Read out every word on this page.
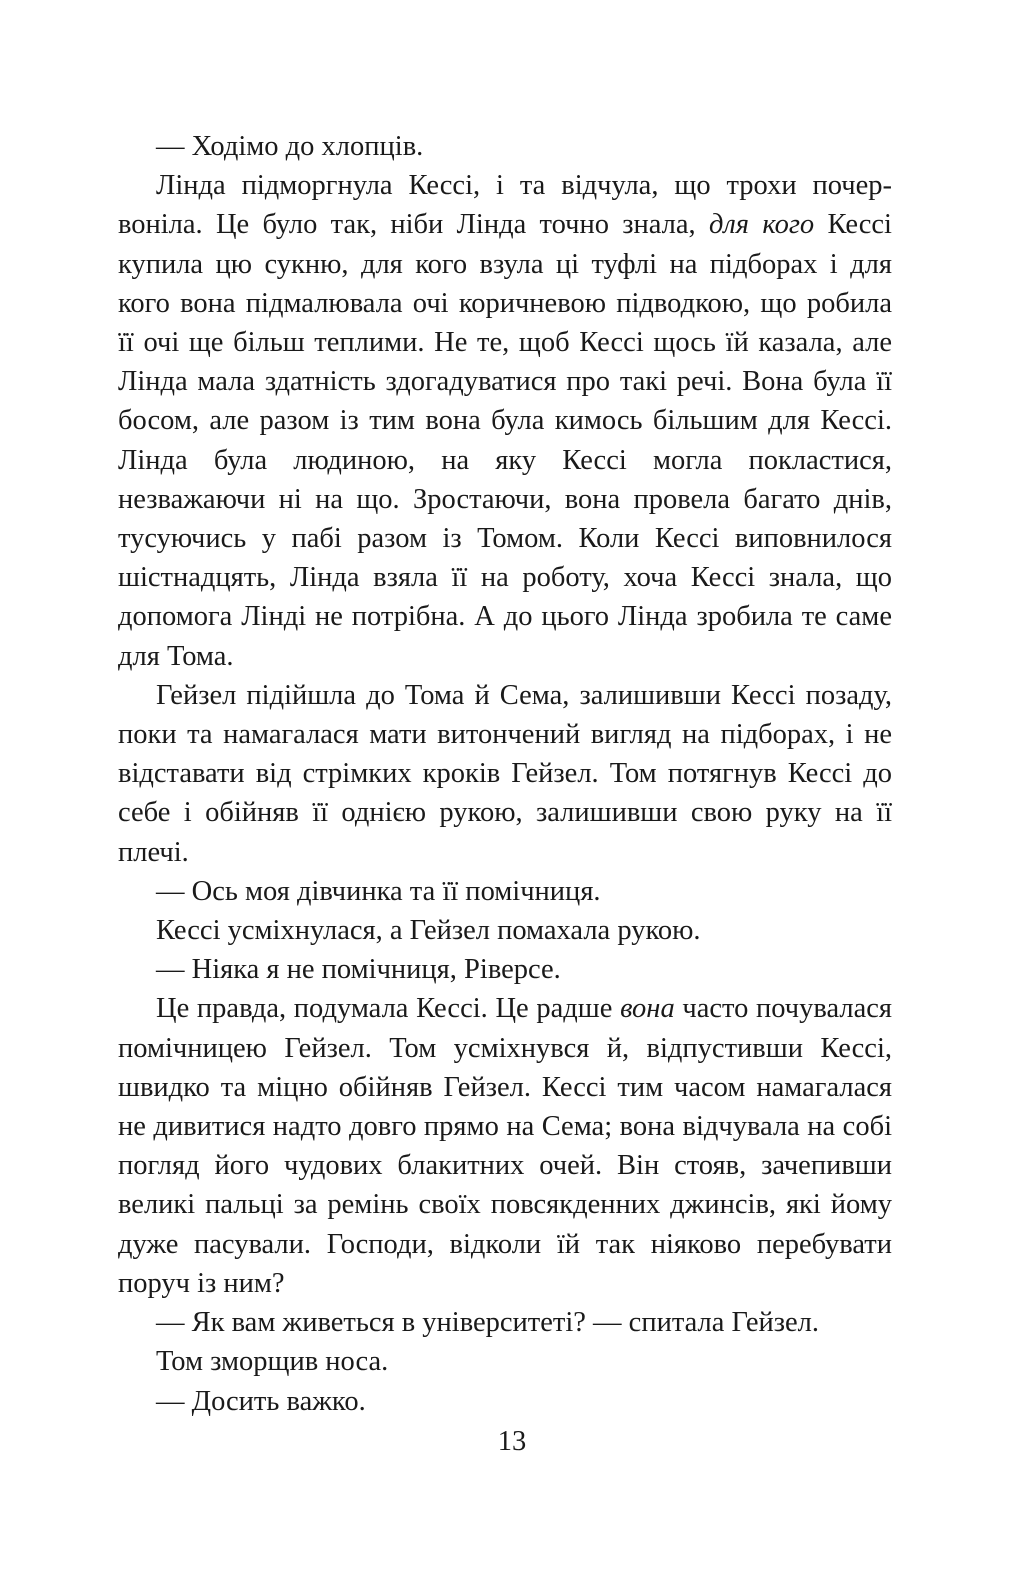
— Ходімо до хлопців.

Лінда підморгнула Кессі, і та відчула, що трохи почервоніла. Це було так, ніби Лінда точно знала, для кого Кессі купила цю сукню, для кого взула ці туфлі на підборах і для кого вона підмалювала очі коричневою підводкою, що робила її очі ще більш теплими. Не те, щоб Кессі щось їй казала, але Лінда мала здатність здогадуватися про такі речі. Вона була її босом, але разом із тим вона була кимось більшим для Кессі. Лінда була людиною, на яку Кессі могла покластися, незважаючи ні на що. Зростаючи, вона провела багато днів, тусуючись у пабі разом із Томом. Коли Кессі виповнилося шістнадцять, Лінда взяла її на роботу, хоча Кессі знала, що допомога Лінді не потрібна. А до цього Лінда зробила те саме для Тома.

Гейзел підійшла до Тома й Сема, залишивши Кессі позаду, поки та намагалася мати витончений вигляд на підборах, і не відставати від стрімких кроків Гейзел. Том потягнув Кессі до себе і обійняв її однією рукою, залишивши свою руку на її плечі.

— Ось моя дівчинка та її помічниця.

Кессі усміхнулася, а Гейзел помахала рукою.

— Ніяка я не помічниця, Ріверсе.

Це правда, подумала Кессі. Це радше вона часто почувалася помічницею Гейзел. Том усміхнувся й, відпустивши Кессі, швидко та міцно обійняв Гейзел. Кессі тим часом намагалася не дивитися надто довго прямо на Сема; вона відчувала на собі погляд його чудових блакитних очей. Він стояв, зачепивши великі пальці за ремінь своїх повсякденних джинсів, які йому дуже пасували. Господи, відколи їй так ніяково перебувати поруч із ним?

— Як вам живеться в університеті? — спитала Гейзел.

Том зморщив носа.

— Досить важко.

13
